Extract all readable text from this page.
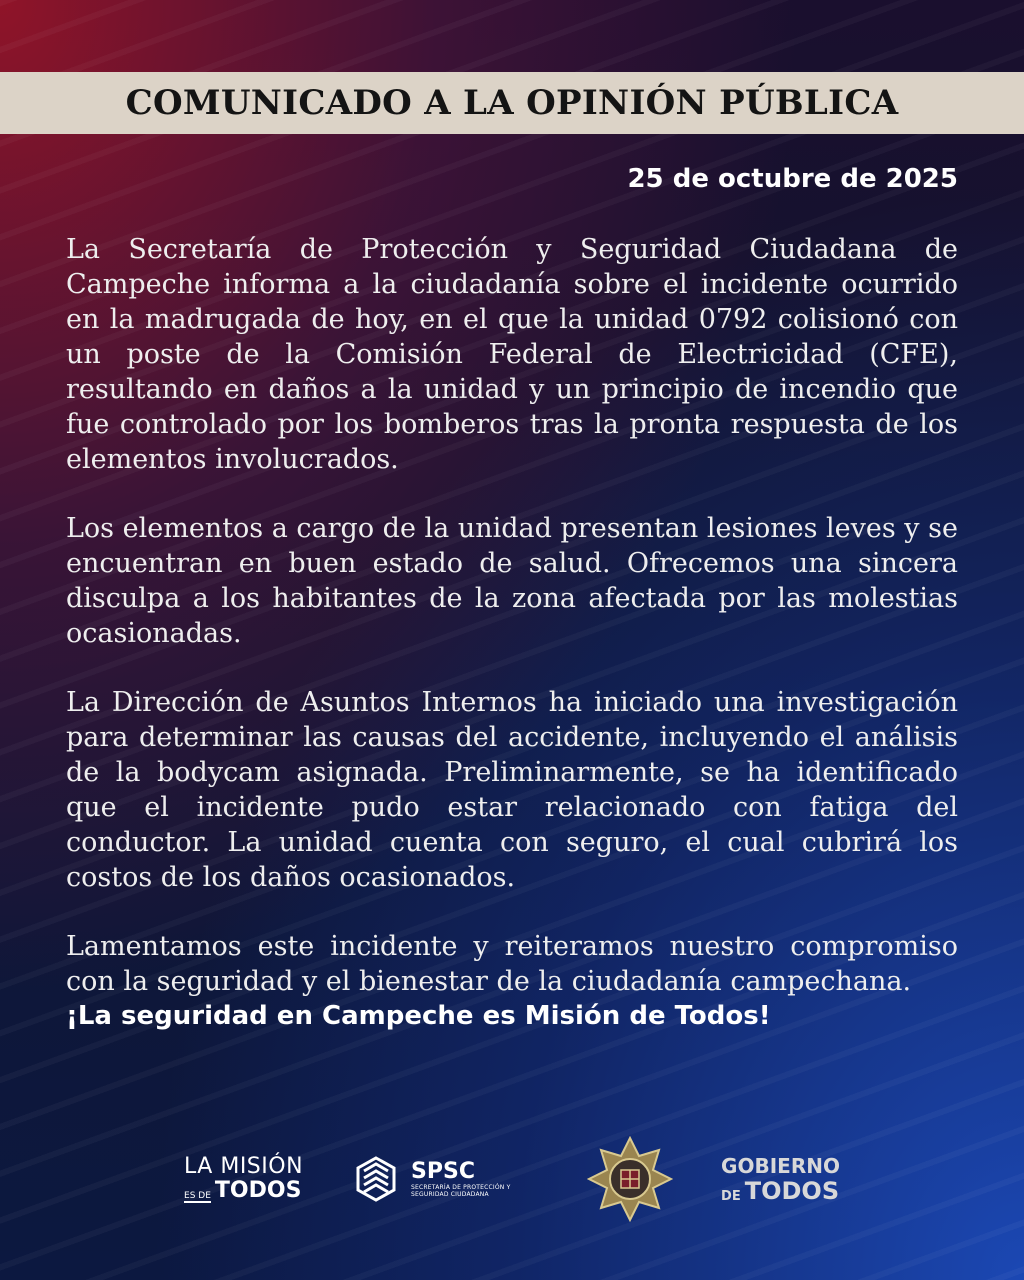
COMUNICADO A LA OPINIÓN PÚBLICA
25 de octubre de 2025

La Secretaría de Protección y Seguridad Ciudadana de Campeche informa a la ciudadanía sobre el incidente ocurrido en la madrugada de hoy, en el que la unidad 0792 colisionó con un poste de la Comisión Federal de Electricidad (CFE), resultando en daños a la unidad y un principio de incendio que fue controlado por los bomberos tras la pronta respuesta de los elementos involucrados.

Los elementos a cargo de la unidad presentan lesiones leves y se encuentran en buen estado de salud. Ofrecemos una sincera disculpa a los habitantes de la zona afectada por las molestias ocasionadas.

La Dirección de Asuntos Internos ha iniciado una investigación para determinar las causas del accidente, incluyendo el análisis de la bodycam asignada. Preliminarmente, se ha identificado que el incidente pudo estar relacionado con fatiga del conductor. La unidad cuenta con seguro, el cual cubrirá los costos de los daños ocasionados.

Lamentamos este incidente y reiteramos nuestro compromiso con la seguridad y el bienestar de la ciudadanía campechana.

¡La seguridad en Campeche es Misión de Todos!
LA MISIÓN
ES DE TODOS
SPSC
SECRETARÍA DE PROTECCIÓN Y SEGURIDAD CIUDADANA
GOBIERNO
DE TODOS
